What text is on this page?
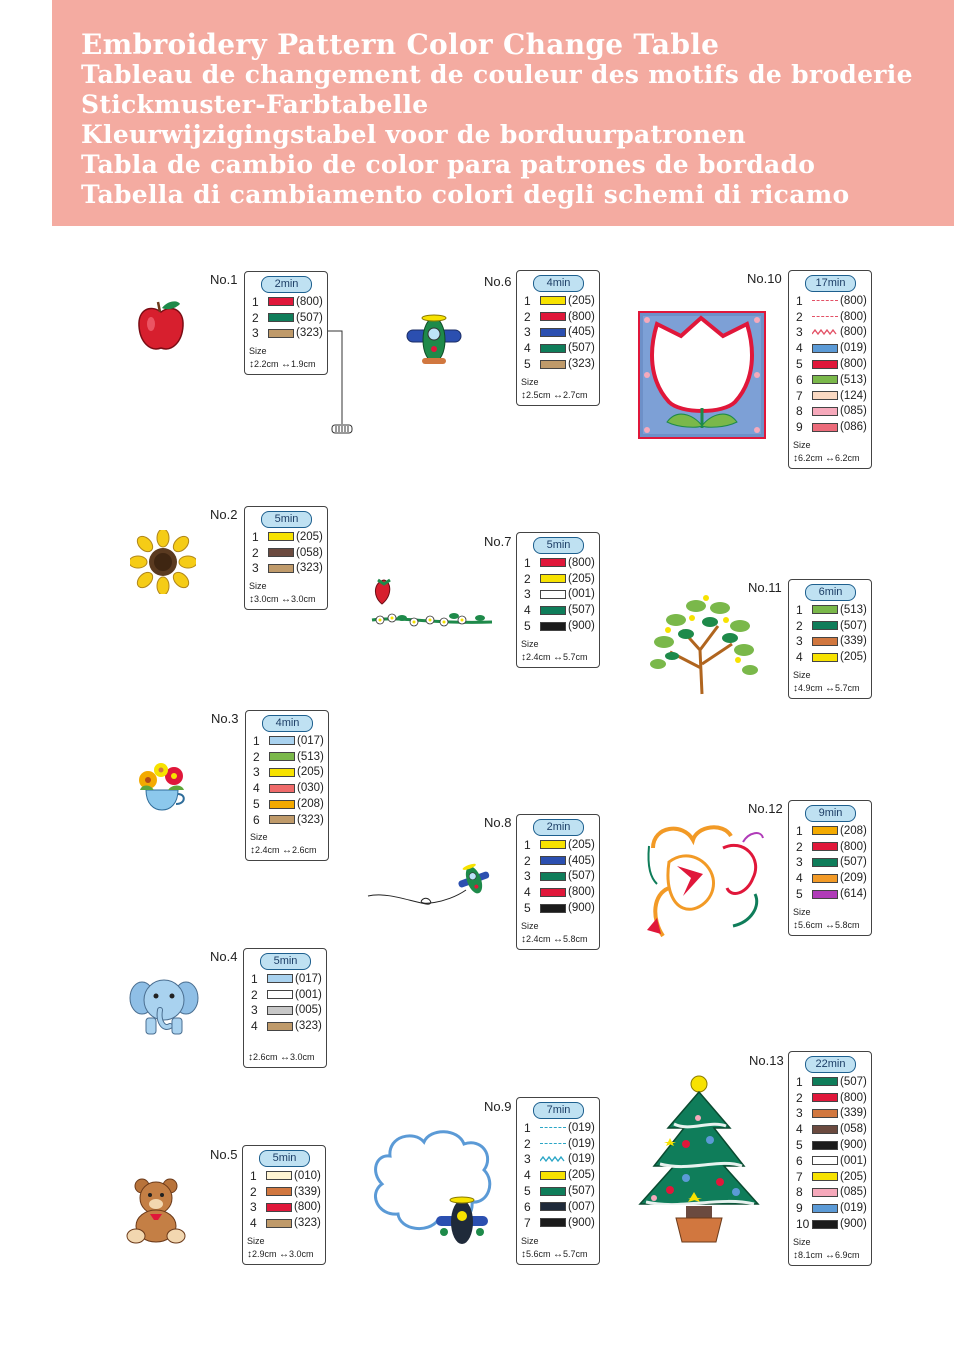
Embroidery Pattern Color Change Table
Tableau de changement de couleur des motifs de broderie
Stickmuster-Farbtabelle
Kleurwijzigingstabel voor de borduurpatronen
Tabla de cambio de color para patrones de bordado
Tabella di cambiamento colori degli schemi di ricamo
No.1	2min
1	(800)
2	(507)
3	(323)
Size
↕2.2cm ↔1.9cm
No.2	5min
1	(205)
2	(058)
3	(323)
Size
↕3.0cm ↔3.0cm
No.3	4min
1	(017)
2	(513)
3	(205)
4	(030)
5	(208)
6	(323)
Size
↕2.4cm ↔2.6cm
No.4	5min
1	(017)
2	(001)
3	(005)
4	(323)
↕2.6cm ↔3.0cm
No.5	5min
1	(010)
2	(339)
3	(800)
4	(323)
Size
↕2.9cm ↔3.0cm
No.6	4min
1	(205)
2	(800)
3	(405)
4	(507)
5	(323)
Size
↕2.5cm ↔2.7cm
No.7	5min
1	(800)
2	(205)
3	(001)
4	(507)
5	(900)
Size
↕2.4cm ↔5.7cm
No.8	2min
1	(205)
2	(405)
3	(507)
4	(800)
5	(900)
Size
↕2.4cm ↔5.8cm
No.9	7min
1	(019)
2	(019)
3	(019)
4	(205)
5	(507)
6	(007)
7	(900)
Size
↕5.6cm ↔5.7cm
No.10	17min
1	(800)
2	(800)
3	(800)
4	(019)
5	(800)
6	(513)
7	(124)
8	(085)
9	(086)
Size
↕6.2cm ↔6.2cm
No.11	6min
1	(513)
2	(507)
3	(339)
4	(205)
Size
↕4.9cm ↔5.7cm
No.12	9min
1	(208)
2	(800)
3	(507)
4	(209)
5	(614)
Size
↕5.6cm ↔5.8cm
No.13	22min
1	(507)
2	(800)
3	(339)
4	(058)
5	(900)
6	(001)
7	(205)
8	(085)
9	(019)
10	(900)
Size
↕8.1cm ↔6.9cm
